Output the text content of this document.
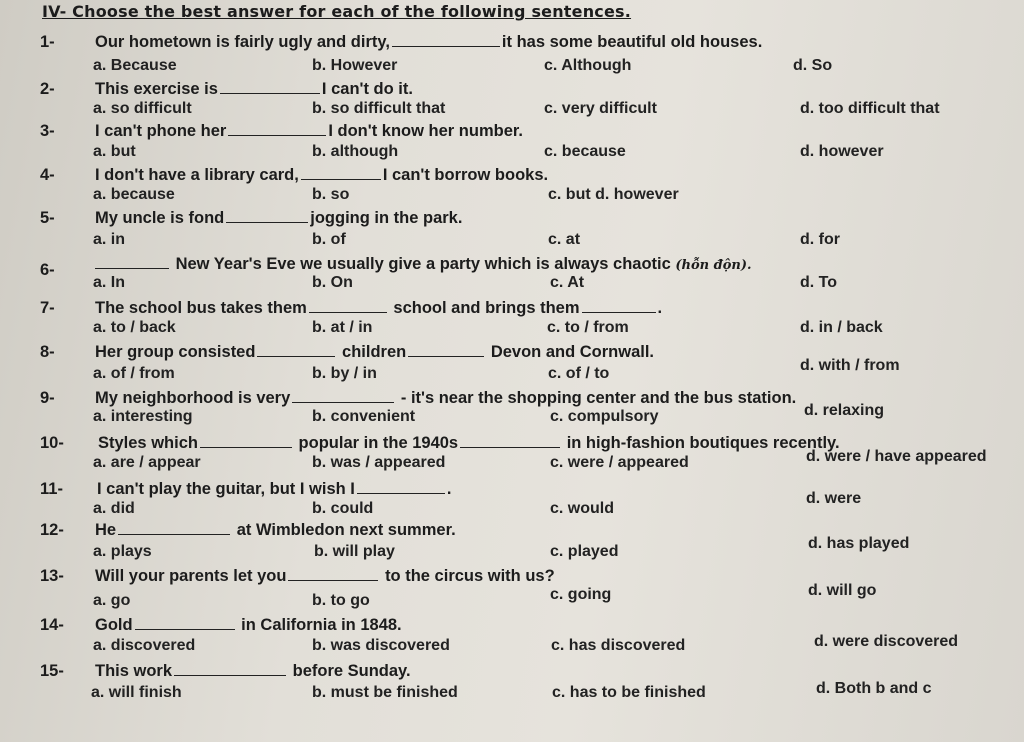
IV- Choose the best answer for each of the following sentences.
1- Our hometown is fairly ugly and dirty,	it has some beautiful old houses.
a. Because	b. However	c. Although	d. So
2- This exercise is	I can't do it.
a. so difficult	b. so difficult that	c. very difficult	d. too difficult that
3- I can't phone her	I don't know her number.
a. but	b. although	c. because	d. however
4- I don't have a library card,	I can't borrow books.
a. because	b. so	c. but d. however
5- My uncle is fond	jogging in the park.
a. in	b. of	c. at	d. for
6-	New Year's Eve we usually give a party which is always chaotic (hỗn độn).
a. In	b. On	c. At	d. To
7- The school bus takes them	school and brings them	.
a. to / back	b. at / in	c. to / from	d. in / back
8- Her group consisted	children	Devon and Cornwall.
a. of / from	b. by / in	c. of / to	d. with / from
9- My neighborhood is very	- it's near the shopping center and the bus station.
a. interesting	b. convenient	c. compulsory	d. relaxing
10- Styles which	popular in the 1940s	in high-fashion boutiques recently.
a. are / appear	b. was / appeared	c. were / appeared	d. were / have appeared
11- I can't play the guitar, but I wish I	.
a. did	b. could	c. would
d. were
12- He	at Wimbledon next summer.
a. plays	b. will play	c. played	d. has played
13- Will your parents let you	to the circus with us?
a. go	b. to go	c. going	d. will go
14- Gold	in California in 1848.
a. discovered	b. was discovered	c. has discovered	d. were discovered
15- This work	before Sunday.
a. will finish	b. must be finished	c. has to be finished	d. Both b and c
